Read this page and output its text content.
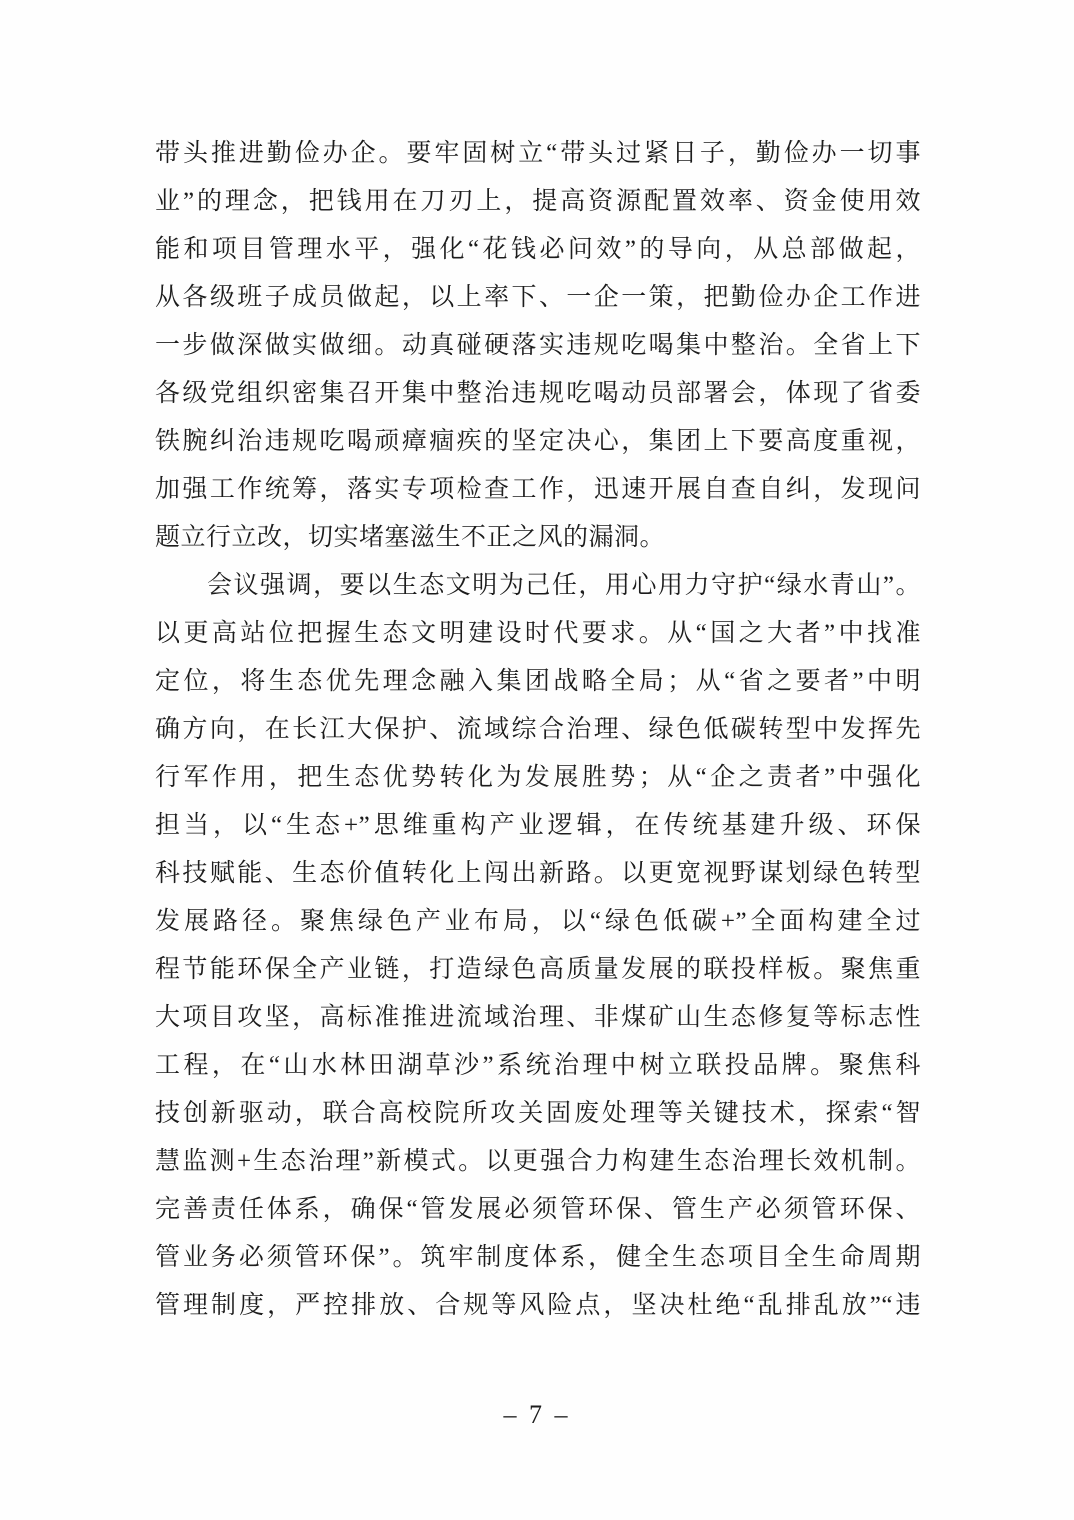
带头推进勤俭办企。要牢固树立“带头过紧日子，勤俭办一切事
业”的理念，把钱用在刀刃上，提高资源配置效率、资金使用效
能和项目管理水平，强化“花钱必问效”的导向，从总部做起，
从各级班子成员做起，以上率下、一企一策，把勤俭办企工作进
一步做深做实做细。动真碰硬落实违规吃喝集中整治。全省上下
各级党组织密集召开集中整治违规吃喝动员部署会，体现了省委
铁腕纠治违规吃喝顽瘴痼疾的坚定决心，集团上下要高度重视，
加强工作统筹，落实专项检查工作，迅速开展自查自纠，发现问
题立行立改，切实堵塞滋生不正之风的漏洞。
会议强调，要以生态文明为己任，用心用力守护“绿水青山”。
以更高站位把握生态文明建设时代要求。从“国之大者”中找准
定位，将生态优先理念融入集团战略全局；从“省之要者”中明
确方向，在长江大保护、流域综合治理、绿色低碳转型中发挥先
行军作用，把生态优势转化为发展胜势；从“企之责者”中强化
担当，以“生态+”思维重构产业逻辑，在传统基建升级、环保
科技赋能、生态价值转化上闯出新路。以更宽视野谋划绿色转型
发展路径。聚焦绿色产业布局，以“绿色低碳+”全面构建全过
程节能环保全产业链，打造绿色高质量发展的联投样板。聚焦重
大项目攻坚，高标准推进流域治理、非煤矿山生态修复等标志性
工程，在“山水林田湖草沙”系统治理中树立联投品牌。聚焦科
技创新驱动，联合高校院所攻关固废处理等关键技术，探索“智
慧监测+生态治理”新模式。以更强合力构建生态治理长效机制。
完善责任体系，确保“管发展必须管环保、管生产必须管环保、
管业务必须管环保”。筑牢制度体系，健全生态项目全生命周期
管理制度，严控排放、合规等风险点，坚决杜绝“乱排乱放”“违
– 7 –
